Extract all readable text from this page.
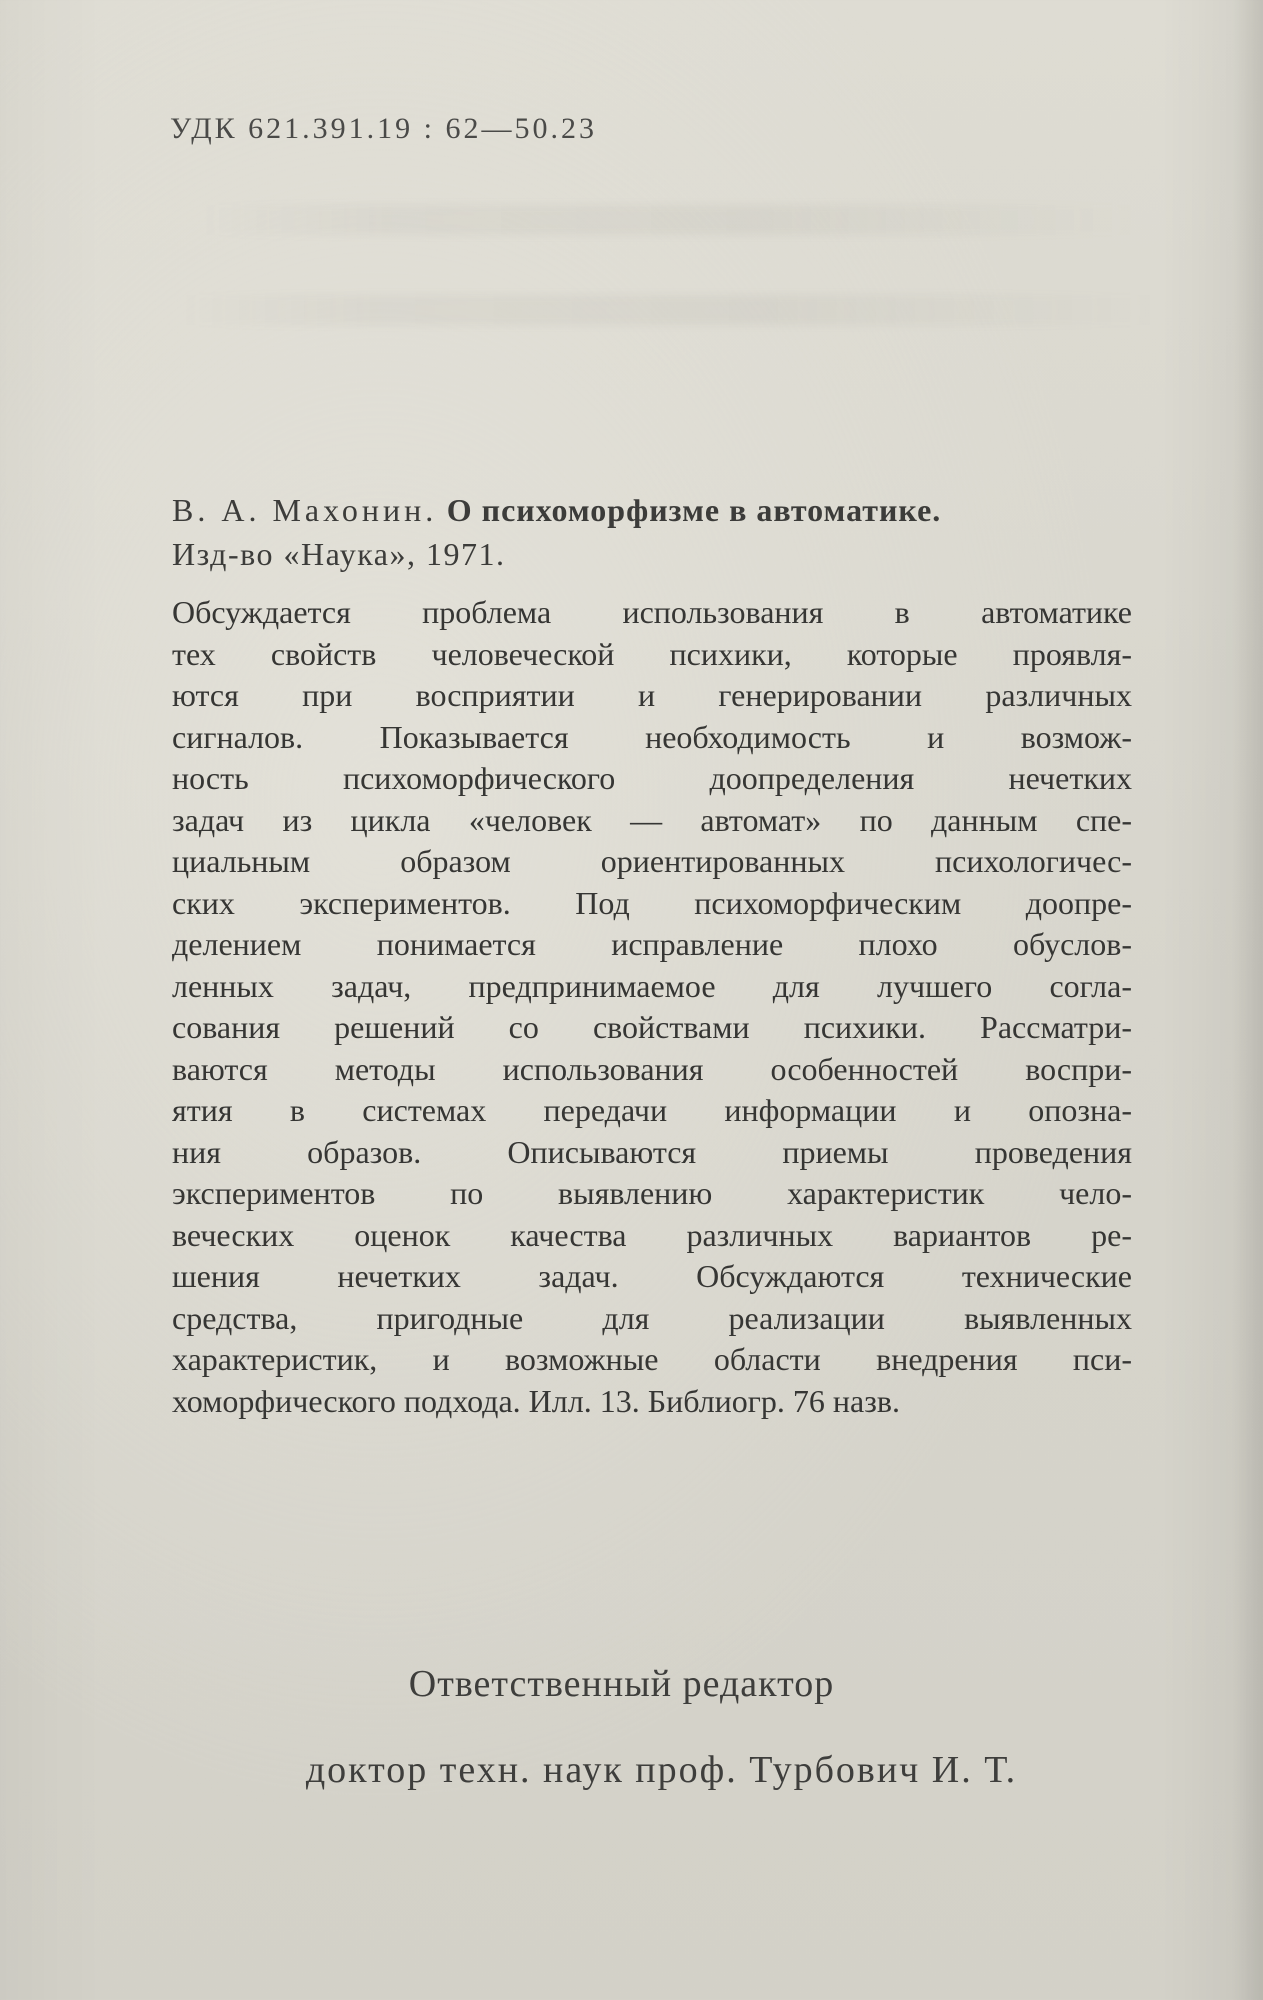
УДК 621.391.19 : 62—50.23
В. А. Махонин. О психоморфизме в автоматике.
Изд-во «Наука», 1971.
Обсуждается проблема использования в автоматике
тех свойств человеческой психики, которые проявля-
ются при восприятии и генерировании различных
сигналов. Показывается необходимость и возмож-
ность психоморфического доопределения нечетких
задач из цикла «человек — автомат» по данным спе-
циальным образом ориентированных психологичес-
ских экспериментов. Под психоморфическим доопре-
делением понимается исправление плохо обуслов-
ленных задач, предпринимаемое для лучшего согла-
сования решений со свойствами психики. Рассматри-
ваются методы использования особенностей воспри-
ятия в системах передачи информации и опозна-
ния образов. Описываются приемы проведения
экспериментов по выявлению характеристик чело-
веческих оценок качества различных вариантов ре-
шения нечетких задач. Обсуждаются технические
средства, пригодные для реализации выявленных
характеристик, и возможные области внедрения пси-
хоморфического подхода. Илл. 13. Библиогр. 76 назв.
Ответственный редактор
доктор техн. наук проф. Турбович И. Т.
